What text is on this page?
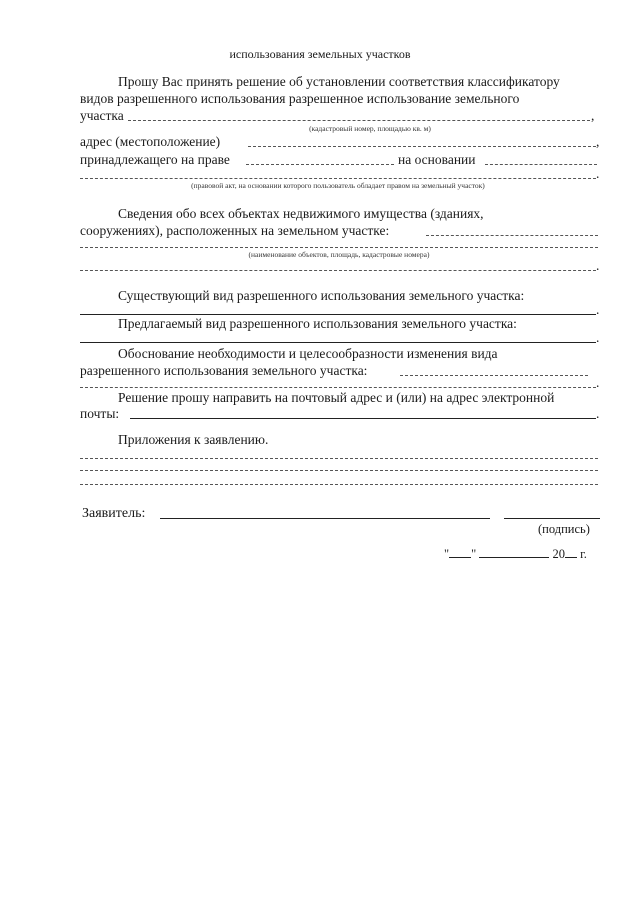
использования земельных участков
Прошу Вас принять решение об установлении соответствия классификатору
видов разрешенного использования разрешенное использование земельного
участка	,
(кадастровый номер, площадью кв. м)
адрес (местоположение)	,
принадлежащего на праве	на основании
.
(правовой акт, на основании которого пользователь обладает правом на земельный участок)
Сведения обо всех объектах недвижимого имущества (зданиях,
сооружениях), расположенных на земельном участке:
(наименование объектов, площадь, кадастровые номера)
.
Существующий вид разрешенного использования земельного участка:
.
Предлагаемый вид разрешенного использования земельного участка:
.
Обоснование необходимости и целесообразности изменения вида
разрешенного использования земельного участка:
.
Решение прошу направить на почтовый адрес и (или) на адрес электронной
почты:	.
Приложения к заявлению.
Заявитель:
(подпись)
" "	20 г.
